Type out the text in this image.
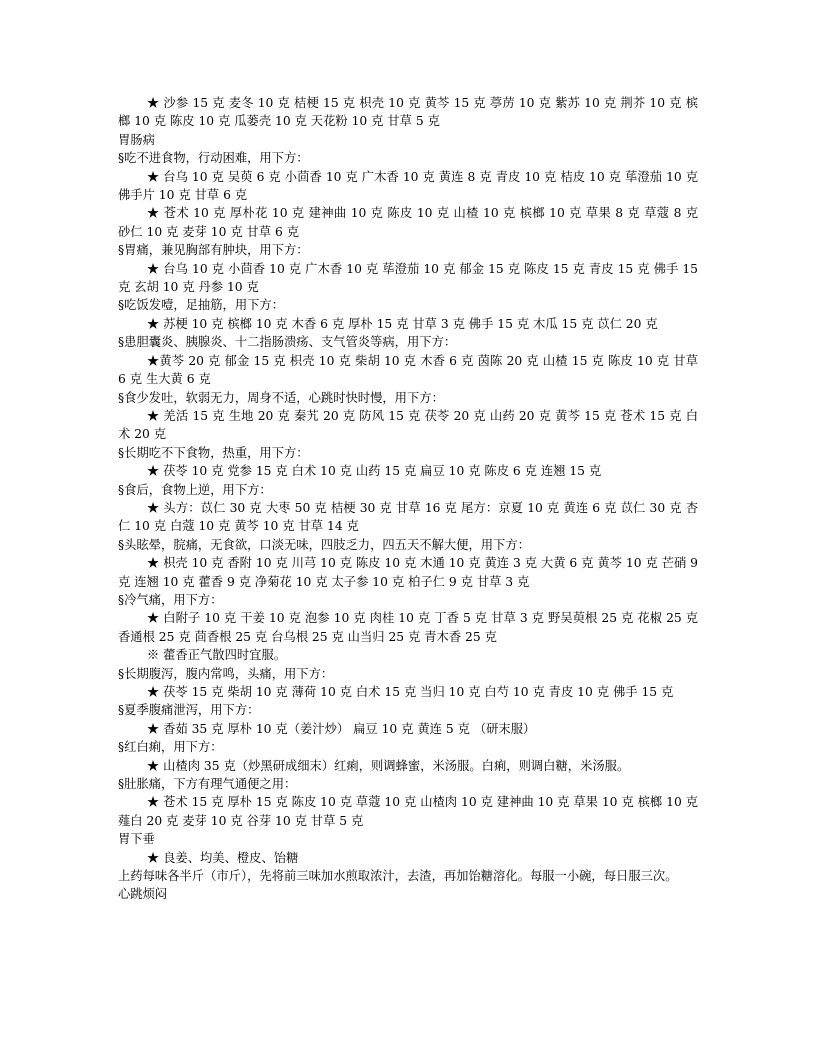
★ 沙参 15 克 麦冬 10 克 桔梗 15 克 枳壳 10 克 黄芩 15 克 葶苈 10 克 紫苏 10 克 荆芥 10 克 槟榔 10 克 陈皮 10 克 瓜蒌壳 10 克 天花粉 10 克 甘草 5 克

胃肠病

§吃不进食物，行动困难，用下方：

★ 台乌 10 克 吴萸 6 克 小茴香 10 克 广木香 10 克 黄连 8 克 青皮 10 克 桔皮 10 克 荜澄茄 10 克 佛手片 10 克 甘草 6 克

★ 苍术 10 克 厚朴花 10 克 建神曲 10 克 陈皮 10 克 山楂 10 克 槟榔 10 克 草果 8 克 草蔻 8 克 砂仁 10 克 麦芽 10 克 甘草 6 克

§胃痛，兼见胸部有肿块，用下方：

★ 台乌 10 克 小茴香 10 克 广木香 10 克 荜澄茄 10 克 郁金 15 克 陈皮 15 克 青皮 15 克 佛手 15 克 玄胡 10 克 丹参 10 克

§吃饭发噎，足抽筋，用下方：

★ 苏梗 10 克 槟榔 10 克 木香 6 克 厚朴 15 克 甘草 3 克 佛手 15 克 木瓜 15 克 苡仁 20 克

§患胆囊炎、胰腺炎、十二指肠溃疡、支气管炎等病，用下方：

★黄芩 20 克 郁金 15 克 枳壳 10 克 柴胡 10 克 木香 6 克 茵陈 20 克 山楂 15 克 陈皮 10 克 甘草 6 克 生大黄 6 克

§食少发吐，软弱无力，周身不适，心跳时快时慢，用下方：

★ 羌活 15 克 生地 20 克 秦艽 20 克 防风 15 克 茯苓 20 克 山药 20 克 黄芩 15 克 苍术 15 克 白术 20 克

§长期吃不下食物，热重，用下方：

★ 茯苓 10 克 党参 15 克 白术 10 克 山药 15 克 扁豆 10 克 陈皮 6 克 连翘 15 克

§食后，食物上逆，用下方：

★ 头方：苡仁 30 克 大枣 50 克 桔梗 30 克 甘草 16 克 尾方：京夏 10 克 黄连 6 克 苡仁 30 克 杏仁 10 克 白蔻 10 克 黄芩 10 克 甘草 14 克

§头眩晕，脘痛，无食欲，口淡无味，四肢乏力，四五天不解大便，用下方：

★ 枳壳 10 克 香附 10 克 川芎 10 克 陈皮 10 克 木通 10 克 黄连 3 克 大黄 6 克 黄芩 10 克 芒硝 9 克 连翘 10 克 藿香 9 克 净菊花 10 克 太子参 10 克 柏子仁 9 克 甘草 3 克

§冷气痛，用下方：

★ 白附子 10 克 干姜 10 克 泡参 10 克 肉桂 10 克 丁香 5 克 甘草 3 克 野吴萸根 25 克 花椒 25 克 香通根 25 克 茴香根 25 克 台乌根 25 克 山当归 25 克 青木香 25 克

※ 藿香正气散四时宜服。

§长期腹泻，腹内常鸣，头痛，用下方：

★ 茯苓 15 克 柴胡 10 克 薄荷 10 克 白术 15 克 当归 10 克 白芍 10 克 青皮 10 克 佛手 15 克

§夏季腹痛泄泻，用下方：

★ 香茹 35 克 厚朴 10 克（姜汁炒） 扁豆 10 克 黄连 5 克 （研末服）

§红白痢，用下方：

★ 山楂肉 35 克（炒黑研成细末）红痢，则调蜂蜜，米汤服。白痢，则调白糖，米汤服。

§肚胀痛，下方有理气通便之用：

★ 苍术 15 克 厚朴 15 克 陈皮 10 克 草蔻 10 克 山楂肉 10 克 建神曲 10 克 草果 10 克 槟榔 10 克 薤白 20 克 麦芽 10 克 谷芽 10 克 甘草 5 克

胃下垂

★ 良姜、均美、橙皮、饴糖

上药每味各半斤（市斤），先将前三味加水煎取浓汁，去渣，再加饴糖溶化。每服一小碗，每日服三次。

心跳烦闷
